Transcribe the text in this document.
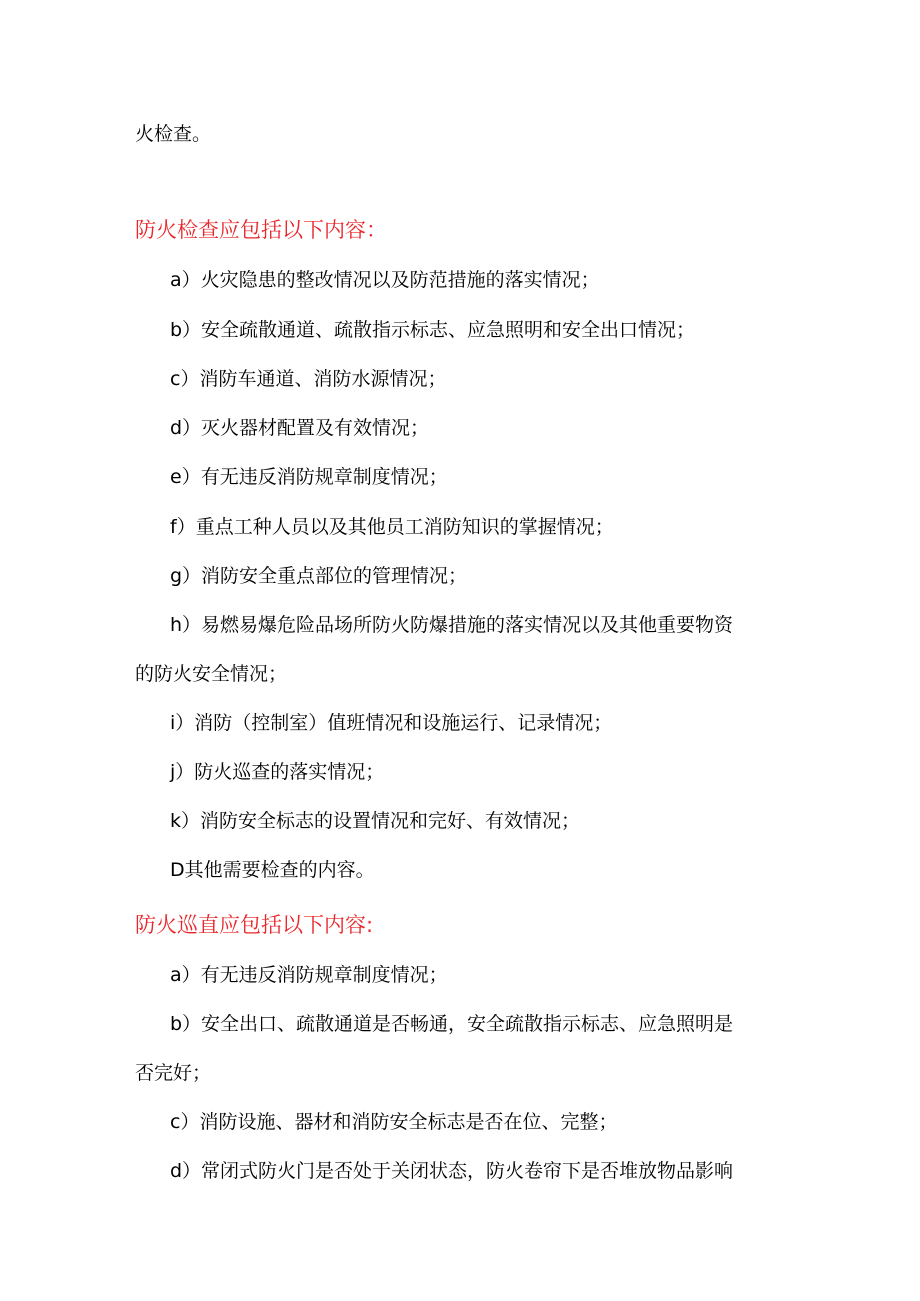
火检查。
防火检查应包括以下内容：
a）火灾隐患的整改情况以及防范措施的落实情况；
b）安全疏散通道、疏散指示标志、应急照明和安全出口情况；
c）消防车通道、消防水源情况；
d）灭火器材配置及有效情况；
e）有无违反消防规章制度情况；
f）重点工种人员以及其他员工消防知识的掌握情况；
g）消防安全重点部位的管理情况；
h）易燃易爆危险品场所防火防爆措施的落实情况以及其他重要物资
的防火安全情况；
i）消防（控制室）值班情况和设施运行、记录情况；
j）防火巡查的落实情况；
k）消防安全标志的设置情况和完好、有效情况；
D其他需要检查的内容。
防火巡直应包括以下内容:
a）有无违反消防规章制度情况；
b）安全出口、疏散通道是否畅通，安全疏散指示标志、应急照明是
否完好；
c）消防设施、器材和消防安全标志是否在位、完整；
d）常闭式防火门是否处于关闭状态，防火卷帘下是否堆放物品影响
